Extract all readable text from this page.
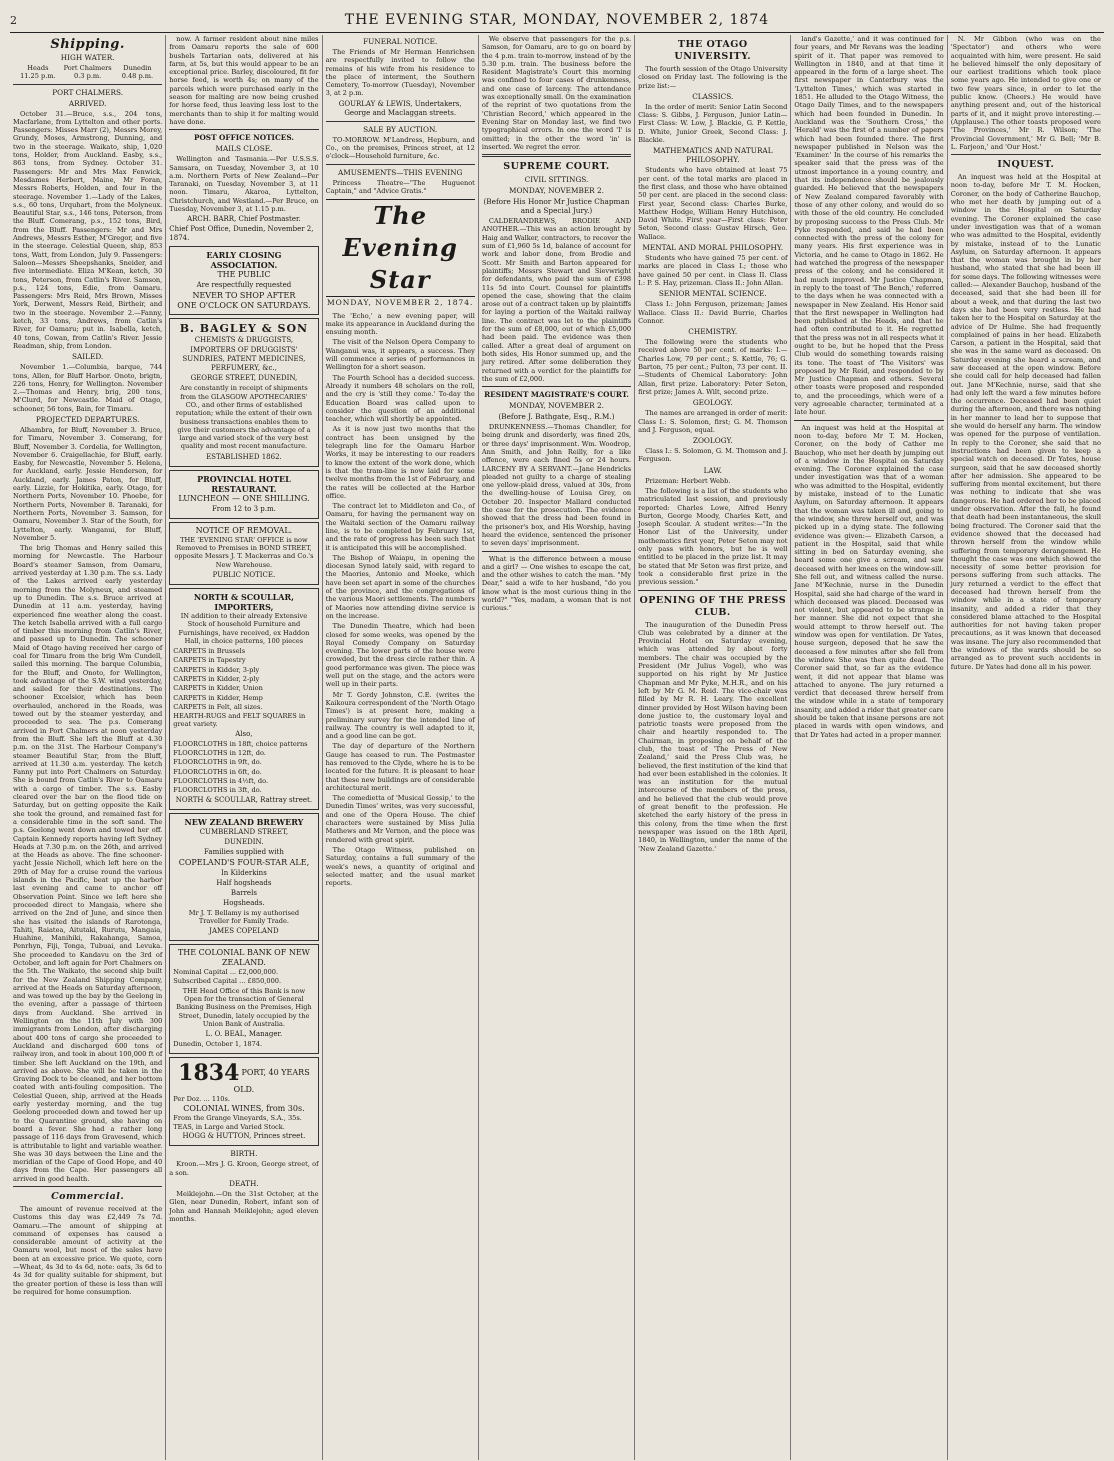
2	THE EVENING STAR, MONDAY, NOVEMBER 2, 1874
Shipping.
HIGH WATER.
Heads
11.25 p.m.
Port Chalmers
0.3 p.m.
Dunedin
0.48 p.m.
PORT CHALMERS.
ARRIVED.
October 31.—Bruce, s.s., 204 tons, Macfarlane, from Lyttelton and other ports. Passengers: Misses Marr (2), Messrs Morey, Grundy, Moses, Armstrong, Dunning, and two in the steerage. Waikato, ship, 1,020 tons, Holder, from Auckland. Easby, s.s., 863 tons, from Sydney. October 31. Passengers: Mr and Mrs Max Fenwick, Mesdames Herbert, Maine, Mr Foran, Messrs Roberts, Holden, and four in the steerage. November 1.—Lady of the Lakes, s.s., 60 tons, Urquhart, from the Molyneux. Beautiful Star, s.s., 146 tons, Peterson, from the Bluff. Comerang, p.s., 152 tons, Bird, from the Bluff. Passengers: Mr and Mrs Andrews, Messrs Esther, M'Gregor, and five in the steerage. Celestial Queen, ship, 853 tons, Watt, from London, July 9. Passengers: Saloon—Messrs Sheepshanks, Sneider, and five intermediate. Eliza M'Kean, ketch, 30 tons, Peterson, from Catlin's River. Samson, p.s., 124 tons, Edie, from Oamaru. Passengers: Mrs Reid, Mrs Brown, Misses York, Derwent, Messrs Reid, Birtheir, and two in the steerage. November 2.—Fanny, ketch, 33 tons, Andrews, from Catlin's River, for Oamaru; put in. Isabella, ketch, 40 tons, Cowan, from Catlin's River. Jessie Readman, ship, from London.
SAILED.
November 1.—Columbia, barque, 744 tons, Allen, for Bluff Harbor. Onoto, brigtn, 226 tons, Henry, for Wellington. November 2.—Thomas and Henry, brig, 200 tons, M'Clurd, for Newcastle. Maid of Otago, schooner, 56 tons, Bain, for Timaru.
PROJECTED DEPARTURES.
Alhambra, for Bluff, November 3. Bruce, for Timaru, November 3. Comerang, for Bluff, November 3. Cordelia, for Wellington, November 6. Craigellachie, for Bluff, early. Easby, for Newcastle, November 5. Helena, for Auckland, early. Jessie Henderson, for Auckland, early. James Paton, for Bluff, early. Lizzie, for Hokitika, early. Otago, for Northern Ports, November 10. Phoebe, for Northern Ports, November 8. Taranaki, for Northern Ports, November 3. Samson, for Oamaru, November 3. Star of the South, for Lyttelton, early. Wanganui, for Bluff, November 5.
The brig Thomas and Henry sailed this morning for Newcastle. The Harbour Board's steamer Samson, from Oamaru, arrived yesterday at 1.30 p.m. The s.s. Lady of the Lakes arrived early yesterday morning from the Molyneux, and steamed up to Dunedin. The s.s. Bruce arrived at Dunedin at 11 a.m. yesterday, having experienced fine weather along the coast. The ketch Isabella arrived with a full cargo of timber this morning from Catlin's River, and passed up to Dunedin. The schooner Maid of Otago having received her cargo of coal for Timaru from the brig Wm Cundell, sailed this morning. The barque Columbia, for the Bluff, and Onoto, for Wellington, took advantage of the S.W. wind yesterday, and sailed for their destinations. The schooner Excelsior, which has been overhauled, anchored in the Roads, was towed out by the steamer yesterday, and proceeded to sea. The p.s. Comerang arrived in Port Chalmers at noon yesterday from the Bluff. She left the Bluff at 4.30 p.m. on the 31st. The Harbour Company's steamer Beautiful Star, from the Bluff, arrived at 11.30 a.m. yesterday. The ketch Fanny put into Port Chalmers on Saturday. She is bound from Catlin's River to Oamaru with a cargo of timber. The s.s. Easby cleared over the bar on the flood tide on Saturday, but on getting opposite the Kaik she took the ground, and remained fast for a considerable time in the soft sand. The p.s. Geelong went down and towed her off. Captain Kennedy reports having left Sydney Heads at 7.30 p.m. on the 26th, and arrived at the Heads as above. The fine schooner-yacht Jessie Nicholl, which left here on the 29th of May for a cruise round the various islands in the Pacific, beat up the harbor last evening and came to anchor off Observation Point. Since we left here she proceeded direct to Mangaia, where she arrived on the 2nd of June, and since then she has visited the islands of Rarotonga, Tahiti, Raiatea, Aitutaki, Rurutu, Mangaia, Huahine, Manihiki, Rakahanga, Samoa, Penrhyn, Fiji, Tonga, Tubuai, and Levuka. She proceeded to Kandavu on the 3rd of October, and left again for Port Chalmers on the 5th. The Waikato, the second ship built for the New Zealand Shipping Company, arrived at the Heads on Saturday afternoon, and was towed up the bay by the Geelong in the evening, after a passage of thirteen days from Auckland. She arrived in Wellington on the 11th July with 300 immigrants from London, after discharging about 400 tons of cargo she proceeded to Auckland and discharged 600 tons of railway iron, and took in about 100,000 ft of timber. She left Auckland on the 19th, and arrived as above. She will be taken in the Graving Dock to be cleaned, and her bottom coated with anti-fouling composition. The Celestial Queen, ship, arrived at the Heads early yesterday morning, and the tug Geelong proceeded down and towed her up to the Quarantine ground, she having on board a fever. She had a rather long passage of 116 days from Gravesend, which is attributable to light and variable weather. She was 30 days between the Line and the meridian of the Cape of Good Hope, and 40 days from the Cape. Her passengers all arrived in good health.
Commercial.
The amount of revenue received at the Customs this day was £2,449 7s 7d. Oamaru.—The amount of shipping at command of expenses has caused a considerable amount of activity at the Oamaru wool, but most of the sales have been at an excessive price. We quote, corn—Wheat, 4s 3d to 4s 6d, note: oats, 3s 6d to 4s 3d for quality suitable for shipment, but the greater portion of these is less than will be required for home consumption.
now. A farmer resident about nine miles from Oamaru reports the sale of 600 bushels Tartarian oats, delivered at his farm, at 5s, but this would appear to be an exceptional price. Barley, discoloured, fit for horse feed, is worth 4s; on many of the parcels which were purchased early in the season for malting are now being crushed for horse feed, thus leaving less lost to the merchants than to ship it for malting would have done.
POST OFFICE NOTICES.
MAILS CLOSE.
Wellington and Tasmania.—Per U.S.S.S. Samsara, on Tuesday, November 3, at 10 a.m. Northern Ports of New Zealand—Per Taranaki, on Tuesday, November 3, at 11 noon. Timaru, Akaroa, Lyttelton, Christchurch, and Westland.—Per Bruce, on Tuesday, November 3, at 1.15 p.m.
ARCH. BARR, Chief Postmaster.
Chief Post Office, Dunedin, November 2, 1874.
EARLY CLOSING ASSOCIATION.
THE PUBLIC
Are respectfully requested
NEVER TO SHOP AFTER
ONE O'CLOCK ON SATURDAYS.
B. BAGLEY & SON
CHEMISTS & DRUGGISTS,
IMPORTERS OF DRUGGISTS' SUNDRIES, PATENT MEDICINES, PERFUMERY, &c.,
GEORGE STREET, DUNEDIN,
Are constantly in receipt of shipments from the GLASGOW APOTHECARIES' CO., and other firms of established reputation; while the extent of their own business transactions enables them to give their customers the advantage of a large and varied stock of the very best quality and most recent manufacture.
ESTABLISHED 1862.
PROVINCIAL HOTEL RESTAURANT.
LUNCHEON — ONE SHILLING.
From 12 to 3 p.m.
NOTICE OF REMOVAL.
THE 'EVENING STAR' OFFICE is now Removed to Premises in BOND STREET, opposite Messrs J. T. Mackerras and Co.'s New Warehouse.
PUBLIC NOTICE.
NORTH & SCOULLAR, IMPORTERS,
IN addition to their already Extensive Stock of household Furniture and Furnishings, have received, ex Haddon Hall, in choice patterns, 100 pieces
CARPETS in Brussels
CARPETS in Tapestry
CARPETS in Kidder, 3-ply
CARPETS in Kidder, 2-ply
CARPETS in Kidder, Union
CARPETS in Kidder, Hemp
CARPETS in Felt, all sizes.
HEARTH-RUGS and FELT SQUARES in great variety.
Also,
FLOORCLOTHS in 18ft, choice patterns
FLOORCLOTHS in 12ft, do.
FLOORCLOTHS in 9ft, do.
FLOORCLOTHS in 6ft, do.
FLOORCLOTHS in 4½ft, do.
FLOORCLOTHS in 3ft, do.
NORTH & SCOULLAR, Rattray street.
NEW ZEALAND BREWERY
CUMBERLAND STREET,
DUNEDIN.
Families supplied with
COPELAND'S FOUR-STAR ALE,
In Kilderkins
Half hogsheads
Barrels
Hogsheads.
Mr J. T. Bellamy is my authorised Traveller for Family Trade.
JAMES COPELAND
THE COLONIAL BANK OF NEW ZEALAND.
Nominal Capital ... £2,000,000.
Subscribed Capital ... £850,000.
THE Head Office of this Bank is now Open for the transaction of General Banking Business on the Premises, High Street, Dunedin, lately occupied by the Union Bank of Australia.
L. O. BEAL, Manager.
Dunedin, October 1, 1874.
1834 PORT, 40 YEARS OLD.
Per Doz. ... 110s.
COLONIAL WINES, from 30s.
From the Grange Vineyards, S.A., 35s.
TEAS, in Large and Varied Stock.
HOGG & HUTTON, Princes street.
BIRTH.
Kroon.—Mrs J. G. Kroon, George street, of a son.
DEATH.
Meiklejohn.—On the 31st October, at the Glen, near Dunedin, Robert, infant son of John and Hannah Meiklejohn; aged eleven months.
FUNERAL NOTICE.
The Friends of Mr Herman Henrichsen are respectfully invited to follow the remains of his wife from his residence to the place of interment, the Southern Cemetery, To-morrow (Tuesday), November 3, at 2 p.m.
GOURLAY & LEWIS, Undertakers, George and Maclaggan streets.
SALE BY AUCTION.
TO-MORROW. M'Landress, Hepburn, and Co., on the premises, Princes street, at 12 o'clock—Household furniture, &c.
AMUSEMENTS—THIS EVENING
Princess Theatre—"The Huguenot Captain," and "Advice Gratis."
The Evening Star
MONDAY, NOVEMBER 2, 1874.
The 'Echo,' a new evening paper, will make its appearance in Auckland during the ensuing month.
The visit of the Nelson Opera Company to Wanganui was, it appears, a success. They will commence a series of performances in Wellington for a short season.
The Fourth School has a decided success. Already it numbers 48 scholars on the roll, and the cry is 'still they come.' To-day the Education Board was called upon to consider the question of an additional teacher, which will shortly be appointed.
As it is now just two months that the contract has been unsigned by the telegraph line for the Oamaru Harbor Works, it may be interesting to our readers to know the extent of the work done, which is that the tram-line is now laid for some twelve months from the 1st of February, and the rates will be collected at the Harbor office.
The contract let to Middleton and Co., of Oamaru, for having the permanent way on the Waitaki section of the Oamaru railway line, is to be completed by February 1st, and the rate of progress has been such that it is anticipated this will be accomplished.
The Bishop of Waiapu, in opening the diocesan Synod lately said, with regard to the Maories, Antonio and Moeke, which have been set apart in some of the churches of the province, and the congregations of the various Maori settlements. The numbers of Maories now attending divine service is on the increase.
The Dunedin Theatre, which had been closed for some weeks, was opened by the Royal Comedy Company on Saturday evening. The lower parts of the house were crowded, but the dress circle rather thin. A good performance was given. The piece was well put on the stage, and the actors were well up in their parts.
Mr T. Gordy Johnston, C.E. (writes the Kaikoura correspondent of the 'North Otago Times') is at present here, making a preliminary survey for the intended line of railway. The country is well adapted to it, and a good line can be got.
The day of departure of the Northern Gauge has ceased to run. The Postmaster has removed to the Clyde, where he is to be located for the future. It is pleasant to hear that these new buildings are of considerable architectural merit.
The comedietta of 'Musical Gossip,' to the Dunedin Times' writes, was very successful, and one of the Opera House. The chief characters were sustained by Miss Julia Mathews and Mr Vernon, and the piece was rendered with great spirit.
The Otago Witness, published on Saturday, contains a full summary of the week's news, a quantity of original and selected matter, and the usual market reports.
We observe that passengers for the p.s. Samson, for Oamaru, are to go on board by the 4 p.m. train to-morrow, instead of by the 5.30 p.m. train. The business before the Resident Magistrate's Court this morning was confined to four cases of drunkenness, and one case of larceny. The attendance was exceptionally small. On the examination of the reprint of two quotations from the 'Christian Record,' which appeared in the Evening Star on Monday last, we find two typographical errors. In one the word 'I' is omitted; in the other the word 'in' is inserted. We regret the error.
SUPREME COURT.
CIVIL SITTINGS.
MONDAY, NOVEMBER 2.
(Before His Honor Mr Justice Chapman and a Special Jury.)
CALDERANDREWS, BRODIE AND ANOTHER.—This was an action brought by Haig and Walker, contractors, to recover the sum of £1,960 5s 1d, balance of account for work and labor done, from Brodie and Scott. Mr Smith and Barton appeared for plaintiffs; Messrs Stewart and Sievwright for defendants, who paid the sum of £398 11s 5d into Court. Counsel for plaintiffs opened the case, showing that the claim arose out of a contract taken up by plaintiffs for laying a portion of the Waitaki railway line. The contract was let to the plaintiffs for the sum of £8,000, out of which £5,000 had been paid. The evidence was then called. After a great deal of argument on both sides, His Honor summed up, and the jury retired. After some deliberation they returned with a verdict for the plaintiffs for the sum of £2,000.
RESIDENT MAGISTRATE'S COURT.
MONDAY, NOVEMBER 2.
(Before J. Bathgate, Esq., R.M.)
DRUNKENNESS.—Thomas Chandler, for being drunk and disorderly, was fined 20s, or three days' imprisonment. Wm. Woodrop, Ann Smith, and John Reilly, for a like offence, were each fined 5s or 24 hours. LARCENY BY A SERVANT.—Jane Hendricks pleaded not guilty to a charge of stealing one yellow-plaid dress, valued at 30s, from the dwelling-house of Louisa Grey, on October 20. Inspector Mallard conducted the case for the prosecution. The evidence showed that the dress had been found in the prisoner's box, and His Worship, having heard the evidence, sentenced the prisoner to seven days' imprisonment.
What is the difference between a mouse and a girl? — One wishes to escape the cat, and the other wishes to catch the man. "My Dear," said a wife to her husband, "do you know what is the most curious thing in the world?" "Yes, madam, a woman that is not curious."
THE OTAGO UNIVERSITY.
The fourth session of the Otago University closed on Friday last. The following is the prize list:—
CLASSICS.
In the order of merit: Senior Latin Second Class: S. Gibbs, J. Ferguson, Junior Latin—First Class: W. Low, J. Blackie, G. P. Kettle, D. White, Junior Greek, Second Class: J. Blackie.
MATHEMATICS AND NATURAL PHILOSOPHY.
Students who have obtained at least 75 per cent. of the total marks are placed in the first class, and those who have obtained 50 per cent. are placed in the second class: First year, Second class: Charles Burke, Matthew Hodge, William Henry Hutchison, David White. First year—First class: Peter Seton, Second class: Gustav Hirsch, Geo. Wallace.
MENTAL AND MORAL PHILOSOPHY.
Students who have gained 75 per cent. of marks are placed in Class I.; those who have gained 50 per cent. in Class II. Class I.: P. S. Hay, prizeman. Class II.: John Allan.
SENIOR MENTAL SCIENCE.
Class I.: John Ferguson, prizeman; James Wallace. Class II.: David Burrie, Charles Connor.
CHEMISTRY.
The following were the students who received above 50 per cent. of marks: I.—Charles Low, 79 per cent.; S. Kettle, 76; G. Barton, 75 per cent.; Fulton, 73 per cent. II.—Students of Chemical Laboratory: John Allan, first prize. Laboratory: Peter Seton, first prize; James A. Wilt, second prize.
GEOLOGY.
The names are arranged in order of merit: Class I.: S. Solomon, first; G. M. Thomson and J. Ferguson, equal.
ZOOLOGY.
Class I.: S. Solomon, G. M. Thomson and J. Ferguson.
LAW.
Prizeman: Herbert Webb.
The following is a list of the students who matriculated last session, and previously reported: Charles Lowe, Alfred Henry Burton, George Moody, Charles Kett, and Joseph Scoular. A student writes:—"In the Honor List of the University, under mathematics first year, Peter Seton may not only pass with honors, but he is well entitled to be placed in the prize list. It may be stated that Mr Seton was first prize, and took a considerable first prize in the previous session."
OPENING OF THE PRESS CLUB.
The inauguration of the Dunedin Press Club was celebrated by a dinner at the Provincial Hotel on Saturday evening, which was attended by about forty members. The chair was occupied by the President (Mr Julius Vogel), who was supported on his right by Mr Justice Chapman and Mr Pyke, M.H.R., and on his left by Mr G. M. Reid. The vice-chair was filled by Mr R. H. Leary. The excellent dinner provided by Host Wilson having been done justice to, the customary loyal and patriotic toasts were proposed from the chair and heartily responded to. The Chairman, in proposing on behalf of the club, the toast of 'The Press of New Zealand,' said the Press Club was, he believed, the first institution of the kind that had ever been established in the colonies. It was an institution for the mutual intercourse of the members of the press, and he believed that the club would prove of great benefit to the profession. He sketched the early history of the press in this colony, from the time when the first newspaper was issued on the 18th April, 1840, in Wellington, under the name of the 'New Zealand Gazette.'
land's Gazette,' and it was continued for four years, and Mr Revans was the leading spirit of it. That paper was removed to Wellington in 1840, and at that time it appeared in the form of a large sheet. The first newspaper in Canterbury was the 'Lyttelton Times,' which was started in 1851. He alluded to the Otago Witness, the Otago Daily Times, and to the newspapers which had been founded in Dunedin. In Auckland was the 'Southern Cross,' the 'Herald' was the first of a number of papers which had been founded there. The first newspaper published in Nelson was the 'Examiner.' In the course of his remarks the speaker said that the press was of the utmost importance in a young country, and that its independence should be jealously guarded. He believed that the newspapers of New Zealand compared favorably with those of any other colony, and would do so with those of the old country. He concluded by proposing success to the Press Club. Mr Pyke responded, and said he had been connected with the press of the colony for many years. His first experience was in Victoria, and he came to Otago in 1862. He had watched the progress of the newspaper press of the colony, and he considered it had much improved. Mr Justice Chapman, in reply to the toast of 'The Bench,' referred to the days when he was connected with a newspaper in New Zealand. His Honor said that the first newspaper in Wellington had been published at the Heads, and that he had often contributed to it. He regretted that the press was not in all respects what it ought to be, but he hoped that the Press Club would do something towards raising its tone. The toast of 'The Visitors' was proposed by Mr Reid, and responded to by Mr Justice Chapman and others. Several other toasts were proposed and responded to, and the proceedings, which were of a very agreeable character, terminated at a late hour.
An inquest was held at the Hospital at noon to-day, before Mr T. M. Hocken, Coroner, on the body of Cather me Bauchop, who met her death by jumping out of a window in the Hospital on Saturday evening. The Coroner explained the case under investigation was that of a woman who was admitted to the Hospital, evidently by mistake, instead of to the Lunatic Asylum, on Saturday afternoon. It appears that the woman was taken ill and, going to the window, she threw herself out, and was picked up in a dying state. The following evidence was given:— Elizabeth Carson, a patient in the Hospital, said that while sitting in bed on Saturday evening, she heard some one give a scream, and saw deceased with her knees on the window-sill. She fell out, and witness called the nurse. Jane M'Kechnie, nurse in the Dunedin Hospital, said she had charge of the ward in which deceased was placed. Deceased was not violent, but appeared to be strange in her manner. She did not expect that she would attempt to throw herself out. The window was open for ventilation. Dr Yates, house surgeon, deposed that he saw the deceased a few minutes after she fell from the window. She was then quite dead. The Coroner said that, so far as the evidence went, it did not appear that blame was attached to anyone. The jury returned a verdict that deceased threw herself from the window while in a state of temporary insanity, and added a rider that greater care should be taken that insane persons are not placed in wards with open windows, and that Dr Yates had acted in a proper manner.
N. Mr Gibbon (who was on the 'Spectator') and others who were acquainted with him, were present. He said he believed himself the only depositary of our earliest traditions which took place some years ago. He intended to give one or two few years since, in order to let the public know. (Cheers.) He would have anything present and, out of the historical parts of it, and it might prove interesting.—(Applause.) The other toasts proposed were 'The Provinces,' Mr R. Wilson; 'The Provincial Government,' Mr G. Bell; 'Mr B. L. Farjeon,' and 'Our Host.'
INQUEST.
An inquest was held at the Hospital at noon to-day, before Mr T. M. Hocken, Coroner, on the body of Catherine Bauchop, who met her death by jumping out of a window in the Hospital on Saturday evening. The Coroner explained the case under investigation was that of a woman who was admitted to the Hospital, evidently by mistake, instead of to the Lunatic Asylum, on Saturday afternoon. It appears that the woman was brought in by her husband, who stated that she had been ill for some days. The following witnesses were called:— Alexander Bauchop, husband of the deceased, said that she had been ill for about a week, and that during the last two days she had been very restless. He had taken her to the Hospital on Saturday at the advice of Dr Hulme. She had frequently complained of pains in her head. Elizabeth Carson, a patient in the Hospital, said that she was in the same ward as deceased. On Saturday evening she heard a scream, and saw deceased at the open window. Before she could call for help deceased had fallen out. Jane M'Kechnie, nurse, said that she had only left the ward a few minutes before the occurrence. Deceased had been quiet during the afternoon, and there was nothing in her manner to lead her to suppose that she would do herself any harm. The window was opened for the purpose of ventilation. In reply to the Coroner, she said that no instructions had been given to keep a special watch on deceased. Dr Yates, house surgeon, said that he saw deceased shortly after her admission. She appeared to be suffering from mental excitement, but there was nothing to indicate that she was dangerous. He had ordered her to be placed under observation. After the fall, he found that death had been instantaneous, the skull being fractured. The Coroner said that the evidence showed that the deceased had thrown herself from the window while suffering from temporary derangement. He thought the case was one which showed the necessity of some better provision for persons suffering from such attacks. The jury returned a verdict to the effect that deceased had thrown herself from the window while in a state of temporary insanity, and added a rider that they considered blame attached to the Hospital authorities for not having taken proper precautions, as it was known that deceased was insane. The jury also recommended that the windows of the wards should be so arranged as to prevent such accidents in future. Dr Yates had done all in his power.
